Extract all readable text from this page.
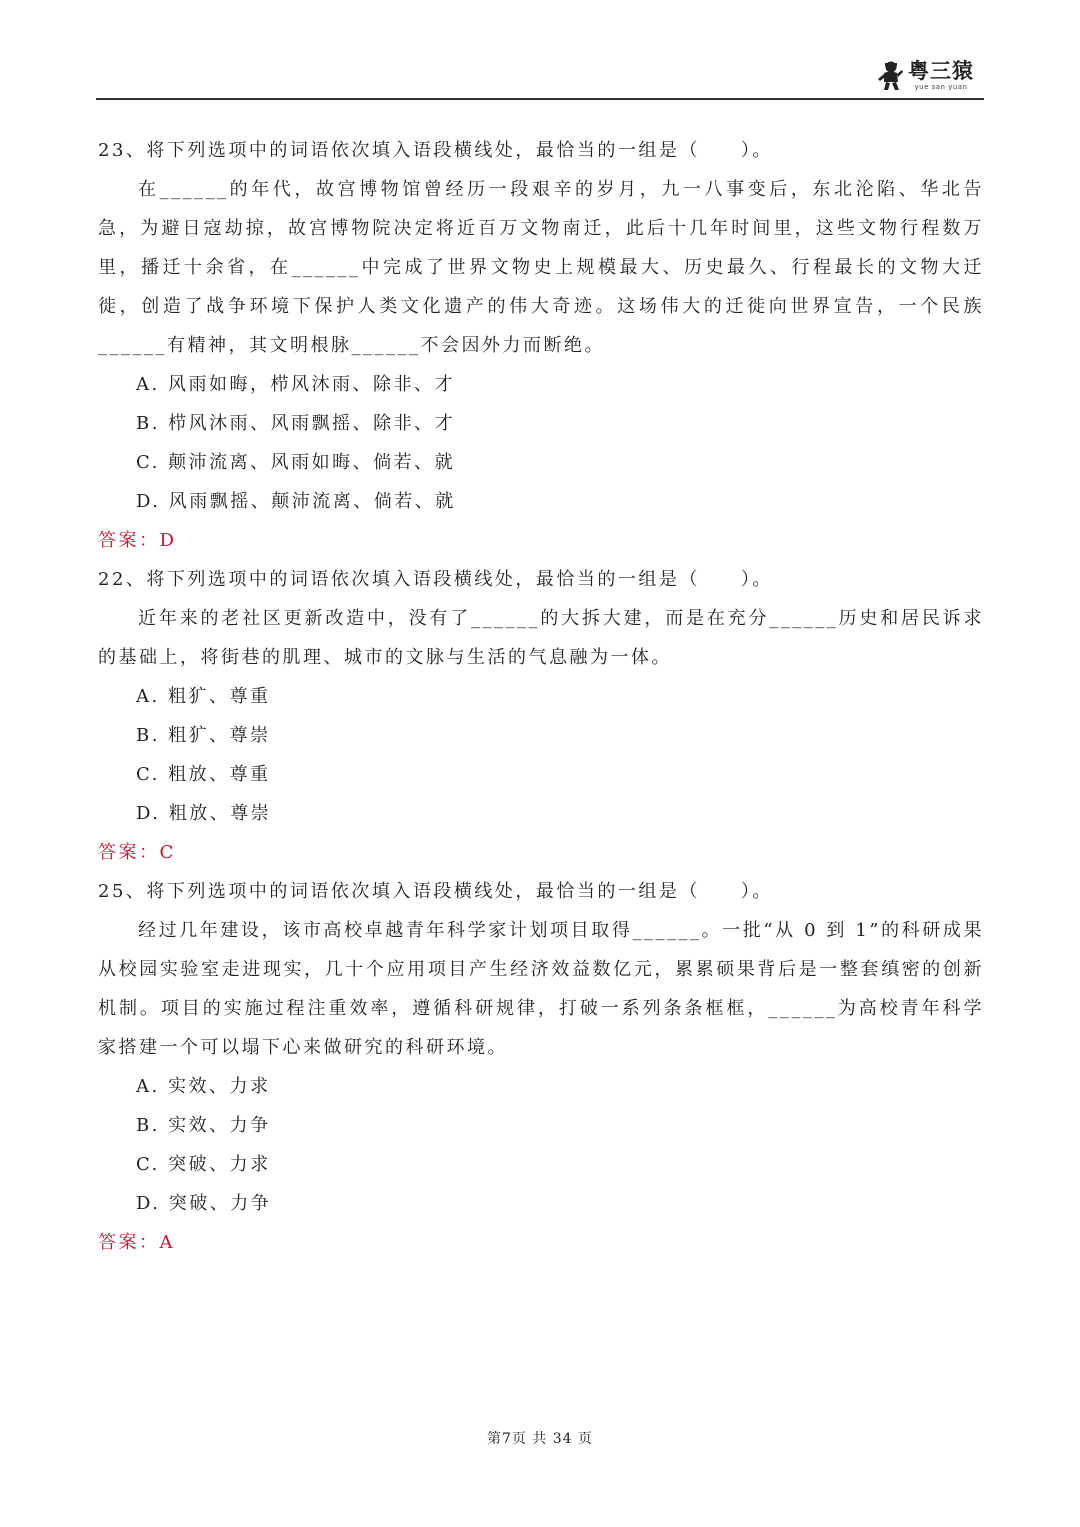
粤三猿
yue san yuan

23、将下列选项中的词语依次填入语段横线处，最恰当的一组是（　　）。

在______的年代，故宫博物馆曾经历一段艰辛的岁月，九一八事变后，东北沦陷、华北告急，为避日寇劫掠，故宫博物院决定将近百万文物南迁，此后十几年时间里，这些文物行程数万里，播迁十余省，在______中完成了世界文物史上规模最大、历史最久、行程最长的文物大迁徙，创造了战争环境下保护人类文化遗产的伟大奇迹。这场伟大的迁徙向世界宣告，一个民族______有精神，其文明根脉______不会因外力而断绝。

A. 风雨如晦，栉风沐雨、除非、才
B. 栉风沐雨、风雨飘摇、除非、才
C. 颠沛流离、风雨如晦、倘若、就
D. 风雨飘摇、颠沛流离、倘若、就

答案：D

22、将下列选项中的词语依次填入语段横线处，最恰当的一组是（　　）。

近年来的老社区更新改造中，没有了______的大拆大建，而是在充分______历史和居民诉求的基础上，将街巷的肌理、城市的文脉与生活的气息融为一体。

A. 粗犷、尊重
B. 粗犷、尊崇
C. 粗放、尊重
D. 粗放、尊崇

答案：C

25、将下列选项中的词语依次填入语段横线处，最恰当的一组是（　　）。

经过几年建设，该市高校卓越青年科学家计划项目取得______。一批“从 0 到 1”的科研成果从校园实验室走进现实，几十个应用项目产生经济效益数亿元，累累硕果背后是一整套缜密的创新机制。项目的实施过程注重效率，遵循科研规律，打破一系列条条框框，______为高校青年科学家搭建一个可以塌下心来做研究的科研环境。

A. 实效、力求
B. 实效、力争
C. 突破、力求
D. 突破、力争

答案：A

第7页 共 34 页
